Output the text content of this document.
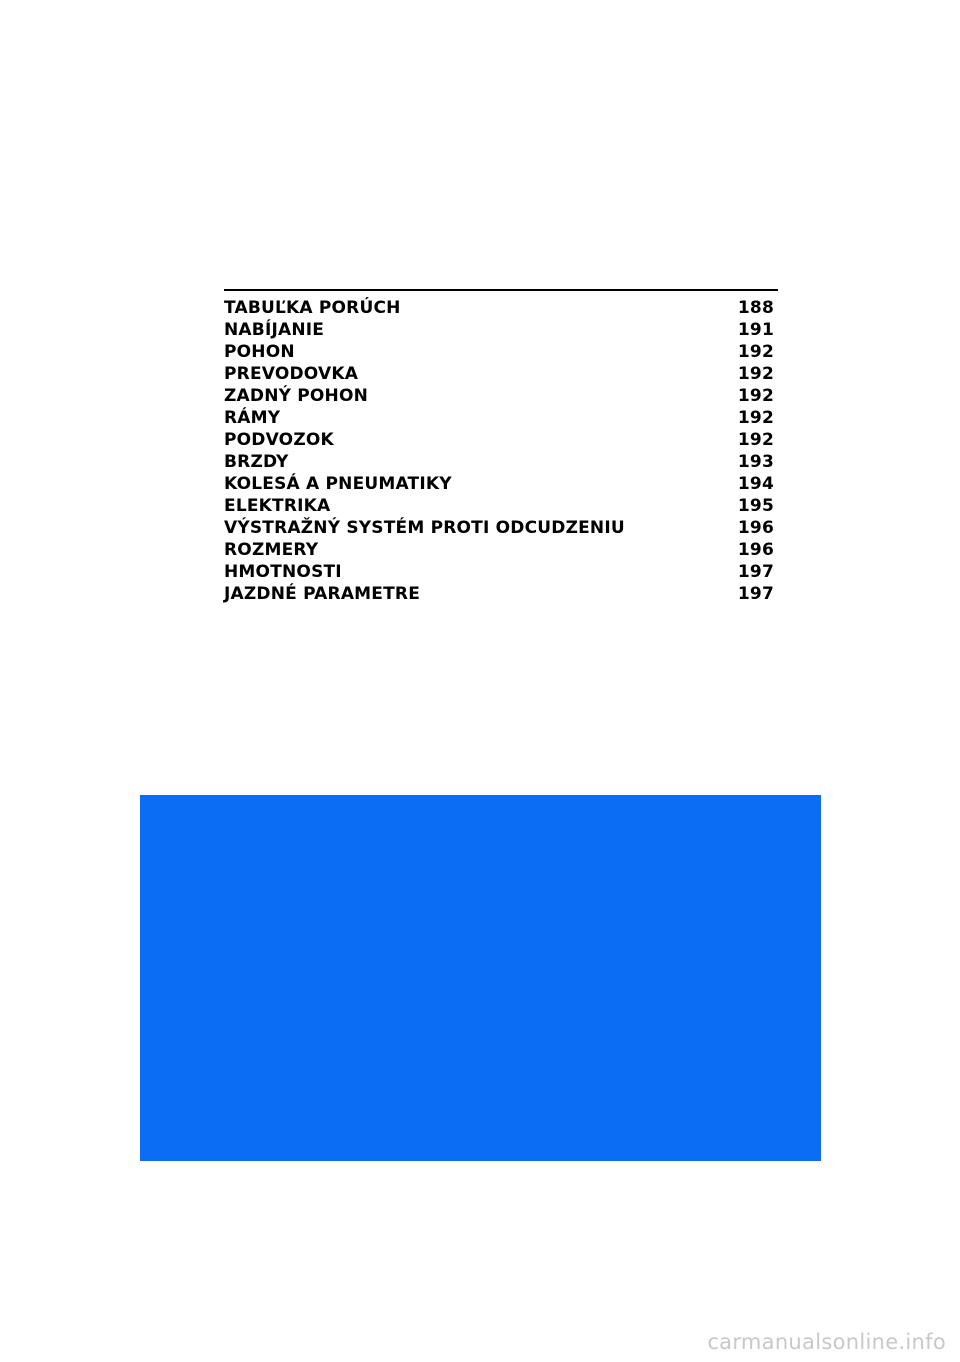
TABUĽKA PORÚCH	188
NABÍJANIE	191
POHON	192
PREVODOVKA	192
ZADNÝ POHON	192
RÁMY	192
PODVOZOK	192
BRZDY	193
KOLESÁ A PNEUMATIKY	194
ELEKTRIKA	195
VÝSTRAŽNÝ SYSTÉM PROTI ODCUDZENIU	196
ROZMERY	196
HMOTNOSTI	197
JAZDNÉ PARAMETRE	197
carmanualsonline.info
